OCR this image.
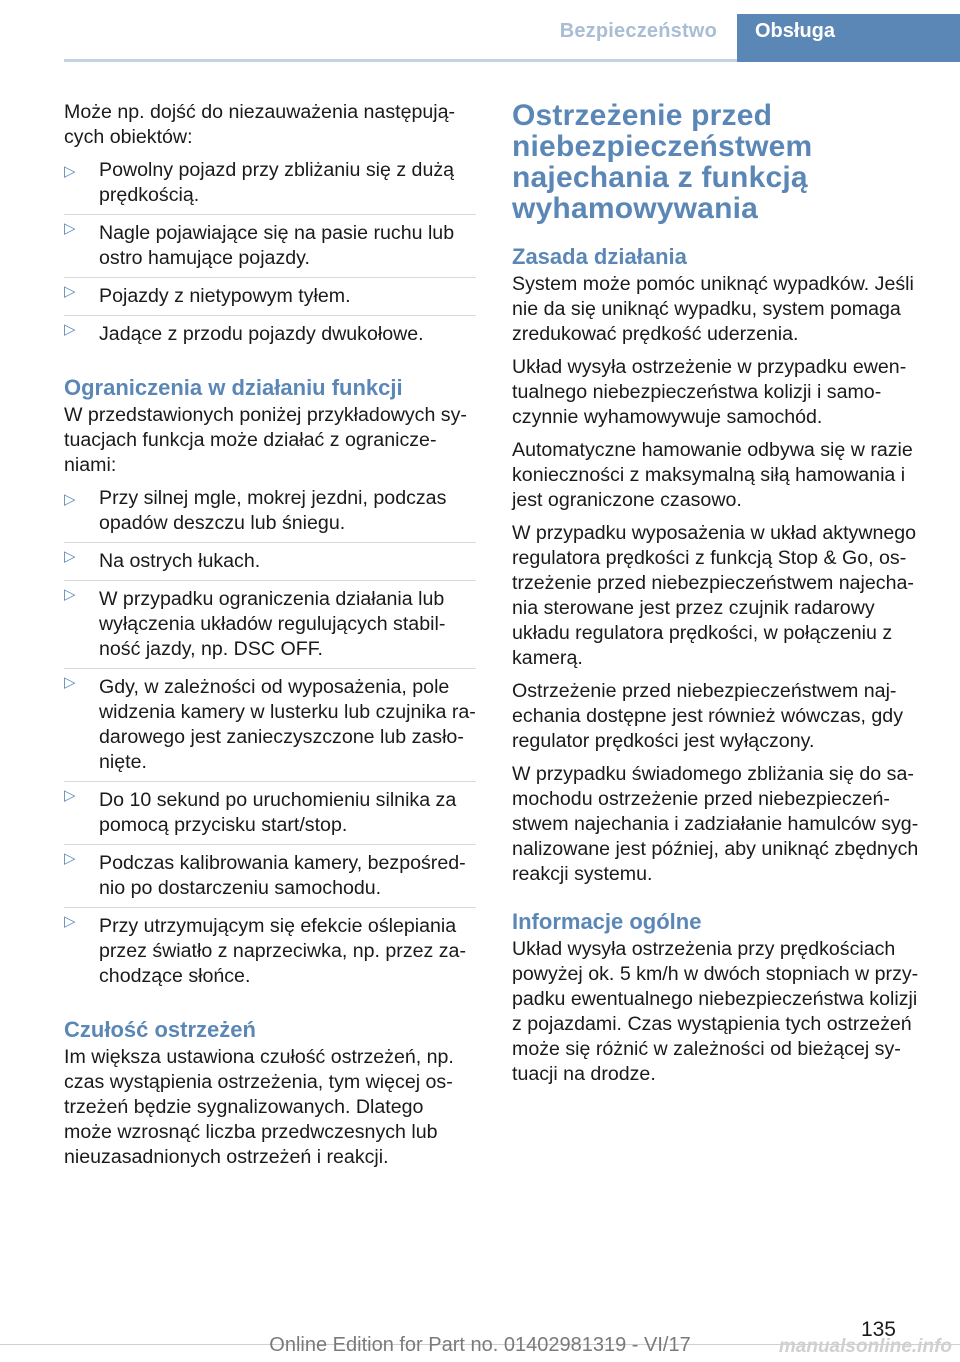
Bezpieczeństwo	Obsługa

Może np. dojść do niezauważenia następujących obiektów:

▷ Powolny pojazd przy zbliżaniu się z dużą prędkością.
▷ Nagle pojawiające się na pasie ruchu lub ostro hamujące pojazdy.
▷ Pojazdy z nietypowym tyłem.
▷ Jadące z przodu pojazdy dwukołowe.
Ograniczenia w działaniu funkcji

W przedstawionych poniżej przykładowych sytuacjach funkcja może działać z ograniczeniami:

▷ Przy silnej mgle, mokrej jezdni, podczas opadów deszczu lub śniegu.
▷ Na ostrych łukach.
▷ W przypadku ograniczenia działania lub wyłączenia układów regulujących stabilność jazdy, np. DSC OFF.
▷ Gdy, w zależności od wyposażenia, pole widzenia kamery w lusterku lub czujnika radarowego jest zanieczyszczone lub zasłonięte.
▷ Do 10 sekund po uruchomieniu silnika za pomocą przycisku start/stop.
▷ Podczas kalibrowania kamery, bezpośrednio po dostarczeniu samochodu.
▷ Przy utrzymującym się efekcie oślepiania przez światło z naprzeciwka, np. przez zachodzące słońce.
Czułość ostrzeżeń

Im większa ustawiona czułość ostrzeżeń, np. czas wystąpienia ostrzeżenia, tym więcej ostrzeżeń będzie sygnalizowanych. Dlatego może wzrosnąć liczba przedwczesnych lub nieuzasadnionych ostrzeżeń i reakcji.

Ostrzeżenie przed niebezpieczeństwem najechania z funkcją wyhamowywania
Zasada działania

System może pomóc uniknąć wypadków. Jeśli nie da się uniknąć wypadku, system pomaga zredukować prędkość uderzenia.

Układ wysyła ostrzeżenie w przypadku ewentualnego niebezpieczeństwa kolizji i samoczynnie wyhamowywuje samochód.

Automatyczne hamowanie odbywa się w razie konieczności z maksymalną siłą hamowania i jest ograniczone czasowo.

W przypadku wyposażenia w układ aktywnego regulatora prędkości z funkcją Stop & Go, ostrzeżenie przed niebezpieczeństwem najechania sterowane jest przez czujnik radarowy układu regulatora prędkości, w połączeniu z kamerą.

Ostrzeżenie przed niebezpieczeństwem najechania dostępne jest również wówczas, gdy regulator prędkości jest wyłączony.

W przypadku świadomego zbliżania się do samochodu ostrzeżenie przed niebezpieczeństwem najechania i zadziałanie hamulców sygnalizowane jest później, aby uniknąć zbędnych reakcji systemu.

Informacje ogólne

Układ wysyła ostrzeżenia przy prędkościach powyżej ok. 5 km/h w dwóch stopniach w przypadku ewentualnego niebezpieczeństwa kolizji z pojazdami. Czas wystąpienia tych ostrzeżeń może się różnić w zależności od bieżącej sytuacji na drodze.

135
Online Edition for Part no. 01402981319 - VI/17	manualsonline.info
